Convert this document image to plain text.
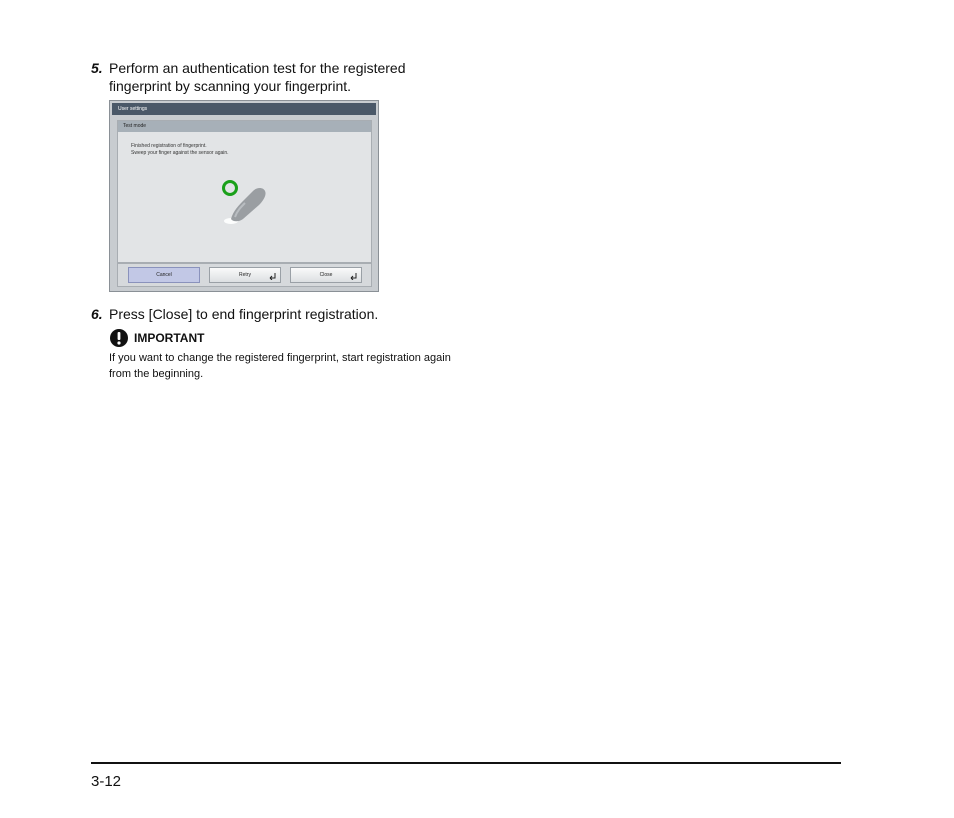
5. Perform an authentication test for the registered fingerprint by scanning your fingerprint.
User settings
Test mode
Finished registration of fingerprint.
Sweep your finger against the sensor again.
Cancel	Retry	Close
6. Press [Close] to end fingerprint registration.
IMPORTANT
If you want to change the registered fingerprint, start registration again from the beginning.
3-12
